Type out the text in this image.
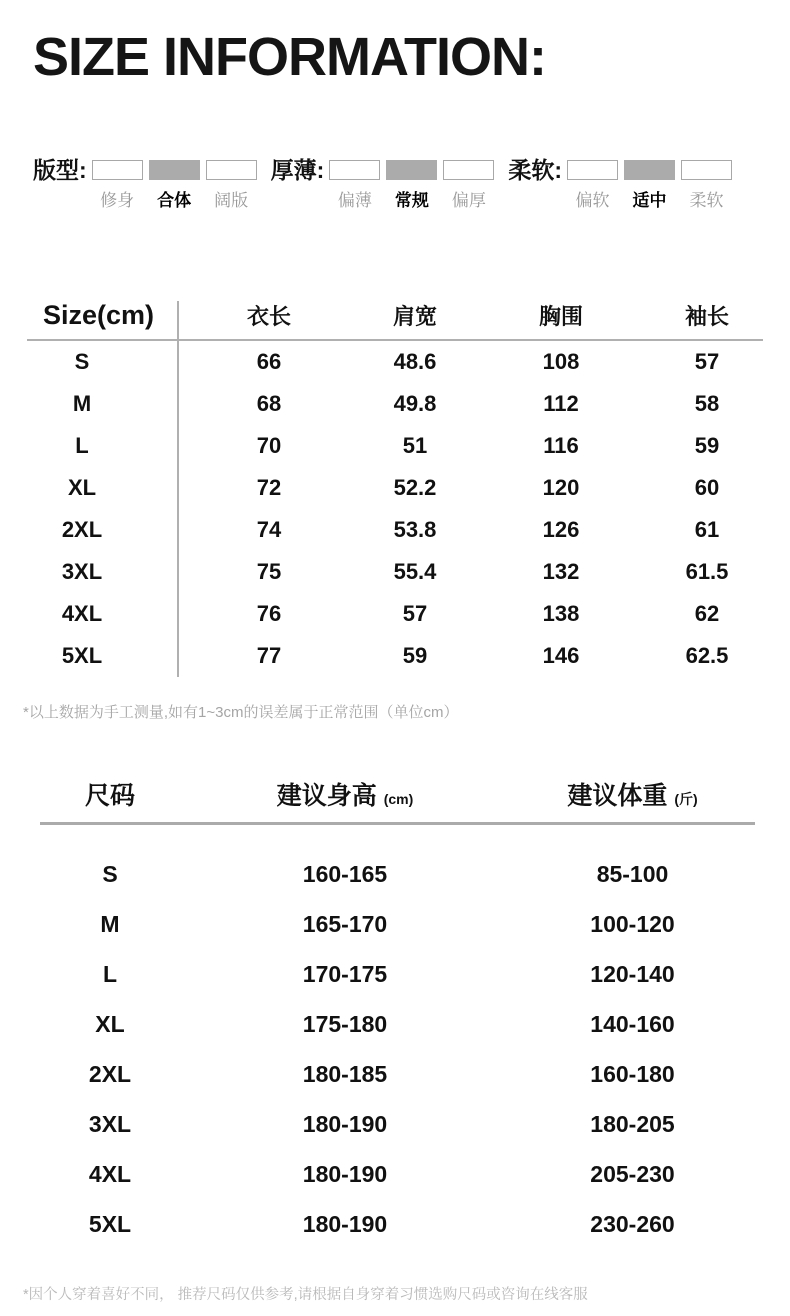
SIZE INFORMATION:
版型:
修身 合体 阔版
厚薄:
偏薄 常规 偏厚
柔软:
偏软 适中 柔软
Size(cm)	衣长	肩宽	胸围	袖长
S	66	48.6	108	57
M	68	49.8	112	58
L	70	51	116	59
XL	72	52.2	120	60
2XL	74	53.8	126	61
3XL	75	55.4	132	61.5
4XL	76	57	138	62
5XL	77	59	146	62.5

*以上数据为手工测量,如有1~3cm的误差属于正常范围（单位cm）

尺码	建议身高 (cm)	建议体重 (斤)
S	160-165	85-100
M	165-170	100-120
L	170-175	120-140
XL	175-180	140-160
2XL	180-185	160-180
3XL	180-190	180-205
4XL	180-190	205-230
5XL	180-190	230-260

*因个人穿着喜好不同， 推荐尺码仅供参考,请根据自身穿着习惯选购尺码或咨询在线客服
